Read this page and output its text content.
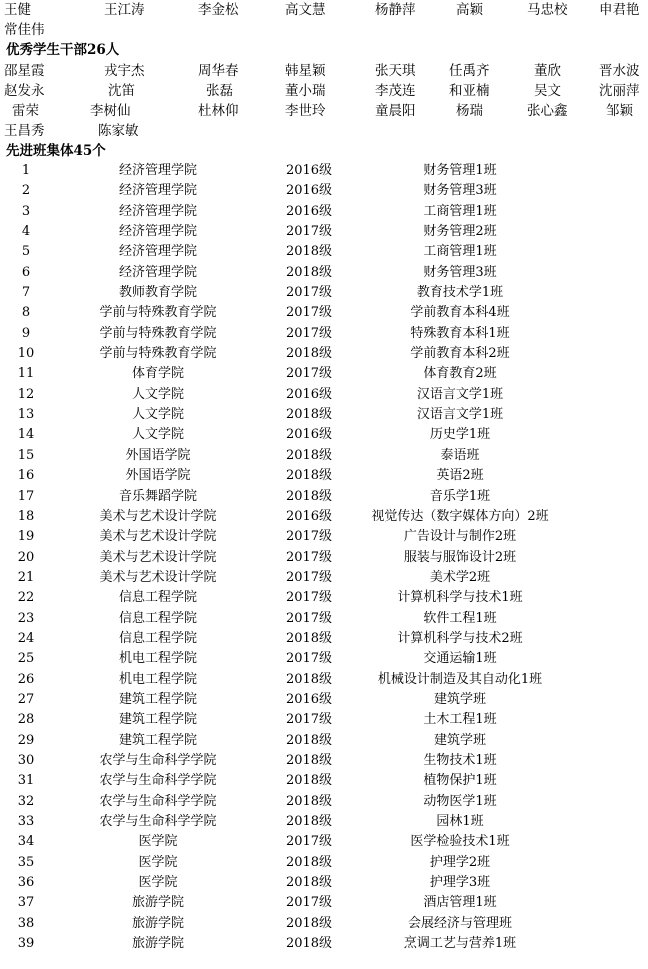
王健	王江涛	李金松	高文慧	杨静萍	高颖	马忠校 申君艳
常佳伟
优秀学生干部26人
邵星霞	戎宇杰	周华春	韩星颖	张天琪 任禹齐	董欣	晋水波
赵发永	沈笛	张磊	董小瑞	李茂连 和亚楠	吴文	沈丽萍
雷荣	李树仙	杜林仰	李世玲	童晨阳	杨瑞	张心鑫	邹颖
王昌秀	陈家敏
先进班集体45个
1	经济管理学院	2016级	财务管理1班
2	经济管理学院	2016级	财务管理3班
3	经济管理学院	2016级	工商管理1班
4	经济管理学院	2017级	财务管理2班
5	经济管理学院	2018级	工商管理1班
6	经济管理学院	2018级	财务管理3班
7	教师教育学院	2017级	教育技术学1班
8	学前与特殊教育学院	2017级	学前教育本科4班
9	学前与特殊教育学院	2017级	特殊教育本科1班
10	学前与特殊教育学院	2018级	学前教育本科2班
11	体育学院	2017级	体育教育2班
12	人文学院	2016级	汉语言文学1班
13	人文学院	2018级	汉语言文学1班
14	人文学院	2016级	历史学1班
15	外国语学院	2018级	泰语班
16	外国语学院	2018级	英语2班
17	音乐舞蹈学院	2018级	音乐学1班
18	美术与艺术设计学院	2016级	视觉传达（数字媒体方向）2班
19	美术与艺术设计学院	2017级	广告设计与制作2班
20	美术与艺术设计学院	2017级	服装与服饰设计2班
21	美术与艺术设计学院	2017级	美术学2班
22	信息工程学院	2017级	计算机科学与技术1班
23	信息工程学院	2017级	软件工程1班
24	信息工程学院	2018级	计算机科学与技术2班
25	机电工程学院	2017级	交通运输1班
26	机电工程学院	2018级	机械设计制造及其自动化1班
27	建筑工程学院	2016级	建筑学班
28	建筑工程学院	2017级	土木工程1班
29	建筑工程学院	2018级	建筑学班
30	农学与生命科学学院	2018级	生物技术1班
31	农学与生命科学学院	2018级	植物保护1班
32	农学与生命科学学院	2018级	动物医学1班
33	农学与生命科学学院	2018级	园林1班
34	医学院	2017级	医学检验技术1班
35	医学院	2018级	护理学2班
36	医学院	2018级	护理学3班
37	旅游学院	2017级	酒店管理1班
38	旅游学院	2018级	会展经济与管理班
39	旅游学院	2018级	烹调工艺与营养1班
